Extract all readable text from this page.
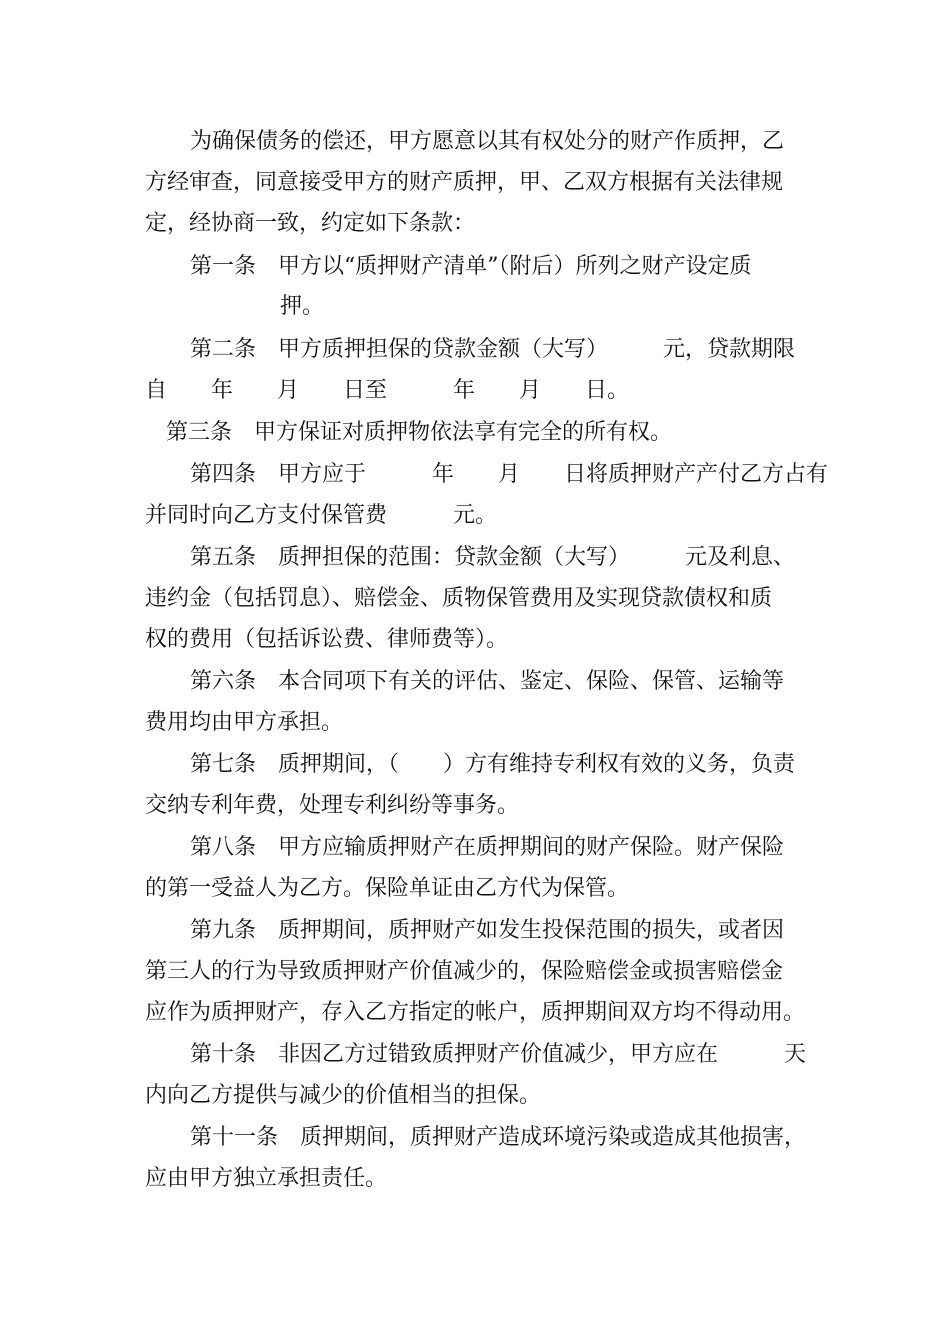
为确保债务的偿还，甲方愿意以其有权处分的财产作质押，乙
方经审查，同意接受甲方的财产质押，甲、乙双方根据有关法律规
定，经协商一致，约定如下条款：
第一条　甲方以“质押财产清单”（附后）所列之财产设定质
押。
第二条　甲方质押担保的贷款金额（大写）　　　元，贷款期限
自　　年　　月　　日至　　　年　　月　　日。
第三条　甲方保证对质押物依法享有完全的所有权。
第四条　甲方应于　　　年　　月　　日将质押财产产付乙方占有
并同时向乙方支付保管费　　　元。
第五条　质押担保的范围：贷款金额（大写）　　　元及利息、
违约金（包括罚息）、赔偿金、质物保管费用及实现贷款债权和质
权的费用（包括诉讼费、律师费等）。
第六条　本合同项下有关的评估、鉴定、保险、保管、运输等
费用均由甲方承担。
第七条　质押期间，（　　）方有维持专利权有效的义务，负责
交纳专利年费，处理专利纠纷等事务。
第八条　甲方应输质押财产在质押期间的财产保险。财产保险
的第一受益人为乙方。保险单证由乙方代为保管。
第九条　质押期间，质押财产如发生投保范围的损失，或者因
第三人的行为导致质押财产价值减少的，保险赔偿金或损害赔偿金
应作为质押财产，存入乙方指定的帐户，质押期间双方均不得动用。
第十条　非因乙方过错致质押财产价值减少，甲方应在　　　天
内向乙方提供与减少的价值相当的担保。
第十一条　质押期间，质押财产造成环境污染或造成其他损害，
应由甲方独立承担责任。
